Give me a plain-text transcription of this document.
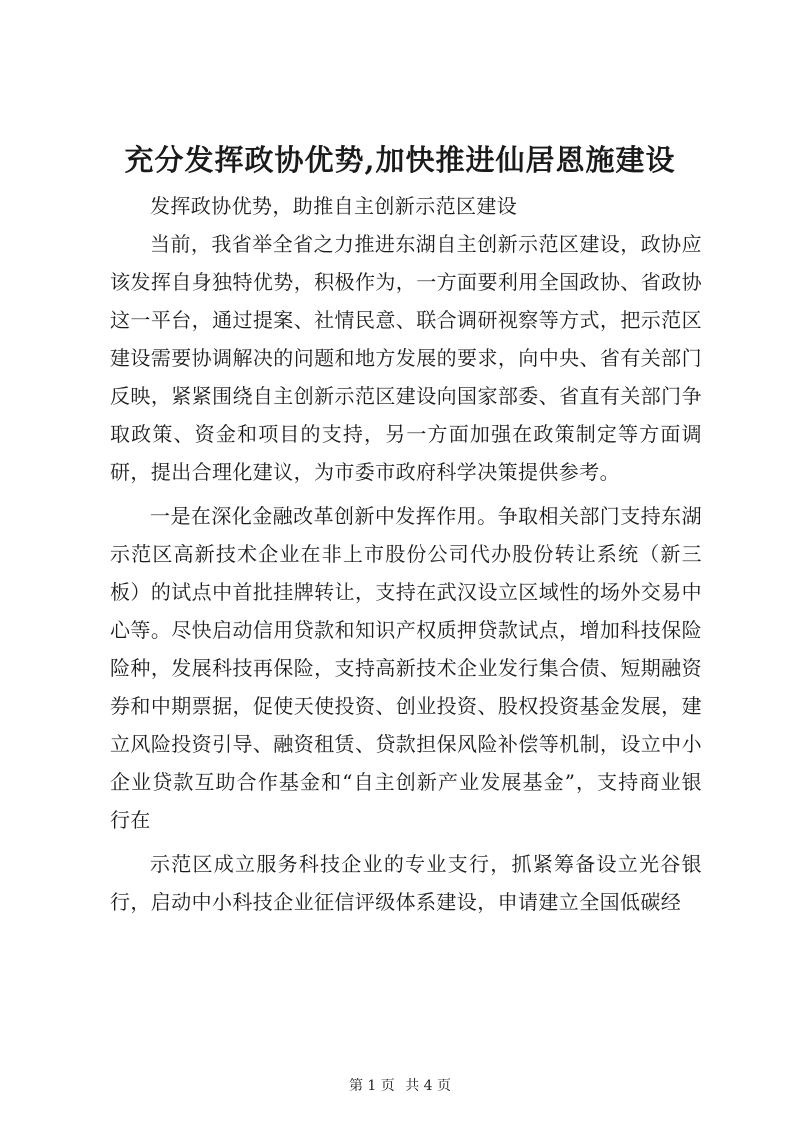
充分发挥政协优势,加快推进仙居恩施建设

发挥政协优势，助推自主创新示范区建设

当前，我省举全省之力推进东湖自主创新示范区建设，政协应该发挥自身独特优势，积极作为，一方面要利用全国政协、省政协这一平台，通过提案、社情民意、联合调研视察等方式，把示范区建设需要协调解决的问题和地方发展的要求，向中央、省有关部门反映，紧紧围绕自主创新示范区建设向国家部委、省直有关部门争取政策、资金和项目的支持，另一方面加强在政策制定等方面调研，提出合理化建议，为市委市政府科学决策提供参考。

一是在深化金融改革创新中发挥作用。争取相关部门支持东湖示范区高新技术企业在非上市股份公司代办股份转让系统（新三板）的试点中首批挂牌转让，支持在武汉设立区域性的场外交易中心等。尽快启动信用贷款和知识产权质押贷款试点，增加科技保险险种，发展科技再保险，支持高新技术企业发行集合债、短期融资券和中期票据，促使天使投资、创业投资、股权投资基金发展，建立风险投资引导、融资租赁、贷款担保风险补偿等机制，设立中小企业贷款互助合作基金和“自主创新产业发展基金”，支持商业银行在

示范区成立服务科技企业的专业支行，抓紧筹备设立光谷银行，启动中小科技企业征信评级体系建设，申请建立全国低碳经

第 1 页 共 4 页
